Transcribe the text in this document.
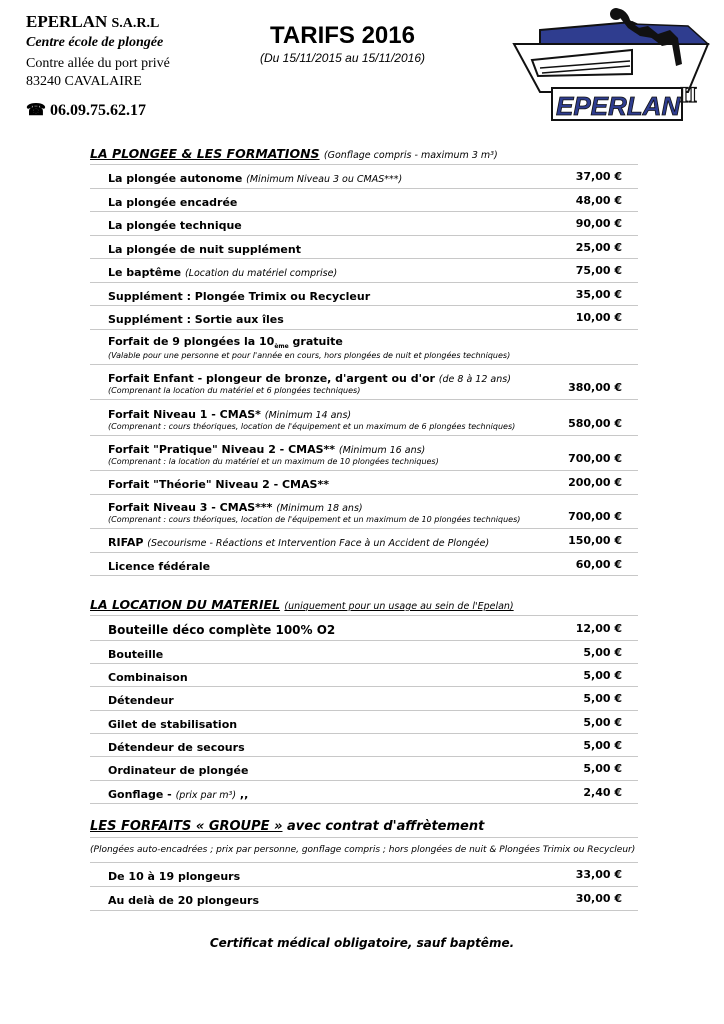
EPERLAN S.A.R.L
Centre école de plongée
Contre allée du port privé
83240 CAVALAIRE
☎ 06.09.75.62.17
TARIFS 2016
(Du 15/11/2015 au 15/11/2016)
EPERLAN II
LA PLONGEE & LES FORMATIONS (Gonflage compris - maximum 3 m³)
La plongée autonome (Minimum Niveau 3 ou CMAS***)	37,00 €
La plongée encadrée	48,00 €
La plongée technique	90,00 €
La plongée de nuit supplément	25,00 €
Le baptême (Location du matériel comprise)	75,00 €
Supplément : Plongée Trimix ou Recycleur	35,00 €
Supplément : Sortie aux îles	10,00 €
Forfait de 9 plongées la $10_{ème}$ gratuite
(Valable pour une personne et pour l'année en cours, hors plongées de nuit et plongées techniques)
Forfait Enfant - plongeur de bronze, d'argent ou d'or (de 8 à 12 ans)
(Comprenant la location du matériel et 6 plongées techniques)	380,00 €
Forfait Niveau 1 - CMAS* (Minimum 14 ans)
(Comprenant : cours théoriques, location de l'équipement et un maximum de 6 plongées techniques)	580,00 €
Forfait "Pratique" Niveau 2 - CMAS** (Minimum 16 ans)
(Comprenant : la location du matériel et un maximum de 10 plongées techniques)	700,00 €
Forfait "Théorie" Niveau 2 - CMAS**	200,00 €
Forfait Niveau 3 - CMAS*** (Minimum 18 ans)
(Comprenant : cours théoriques, location de l'équipement et un maximum de 10 plongées techniques)	700,00 €
RIFAP (Secourisme - Réactions et Intervention Face à un Accident de Plongée)	150,00 €
Licence fédérale	60,00 €
LA LOCATION DU MATERIEL (uniquement pour un usage au sein de l'Epelan)
Bouteille déco complète 100% O2	12,00 €
Bouteille	5,00 €
Combinaison	5,00 €
Détendeur	5,00 €
Gilet de stabilisation	5,00 €
Détendeur de secours	5,00 €
Ordinateur de plongée	5,00 €
Gonflage - (prix par m³) ,,	2,40 €
LES FORFAITS « GROUPE » avec contrat d'affrètement
(Plongées auto-encadrées ; prix par personne, gonflage compris ; hors plongées de nuit & Plongées Trimix ou Recycleur)
De 10 à 19 plongeurs	33,00 €
Au delà de 20 plongeurs	30,00 €
Certificat médical obligatoire, sauf baptême.
